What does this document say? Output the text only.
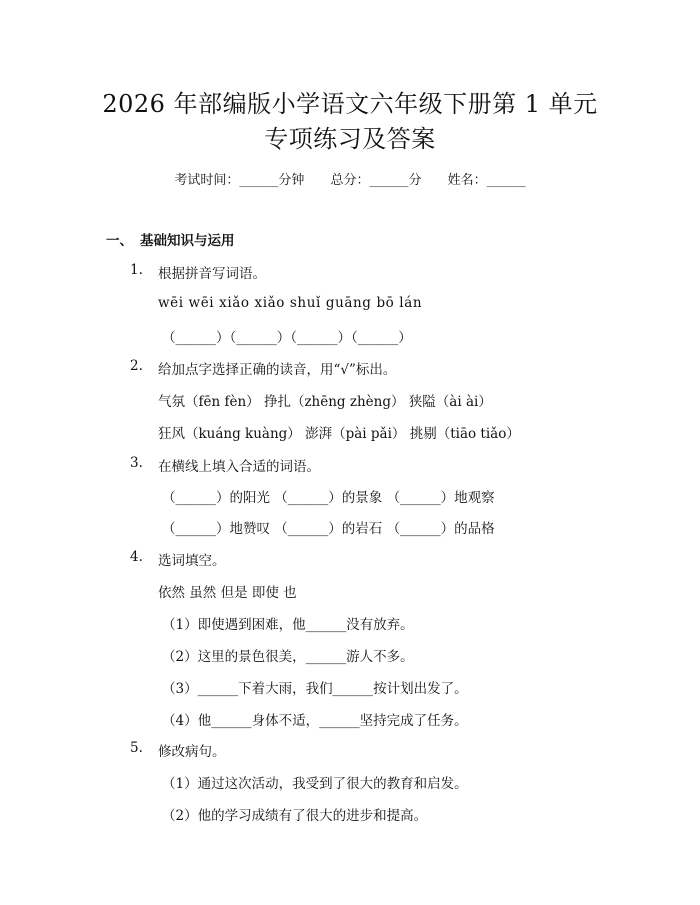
2026 年部编版小学语文六年级下册第 1 单元
专项练习及答案
考试时间：______分钟 总分：______分 姓名：______
一、 基础知识与运用
1. 根据拼音写词语。
wēi wēi xiǎo xiǎo shuǐ guāng bō lán
（______）（______）（______）（______）
2. 给加点字选择正确的读音，用“√”标出。
气氛（fēn fèn） 挣扎（zhēng zhèng） 狭隘（ài ài）
狂风（kuáng kuàng） 澎湃（pài pǎi） 挑剔（tiāo tiǎo）
3. 在横线上填入合适的词语。
（______）的阳光 （______）的景象 （______）地观察
（______）地赞叹 （______）的岩石 （______）的品格
4. 选词填空。
依然 虽然 但是 即使 也
（1）即使遇到困难，他______没有放弃。
（2）这里的景色很美，______游人不多。
（3）______下着大雨，我们______按计划出发了。
（4）他______身体不适，______坚持完成了任务。
5. 修改病句。
（1）通过这次活动，我受到了很大的教育和启发。
（2）他的学习成绩有了很大的进步和提高。
